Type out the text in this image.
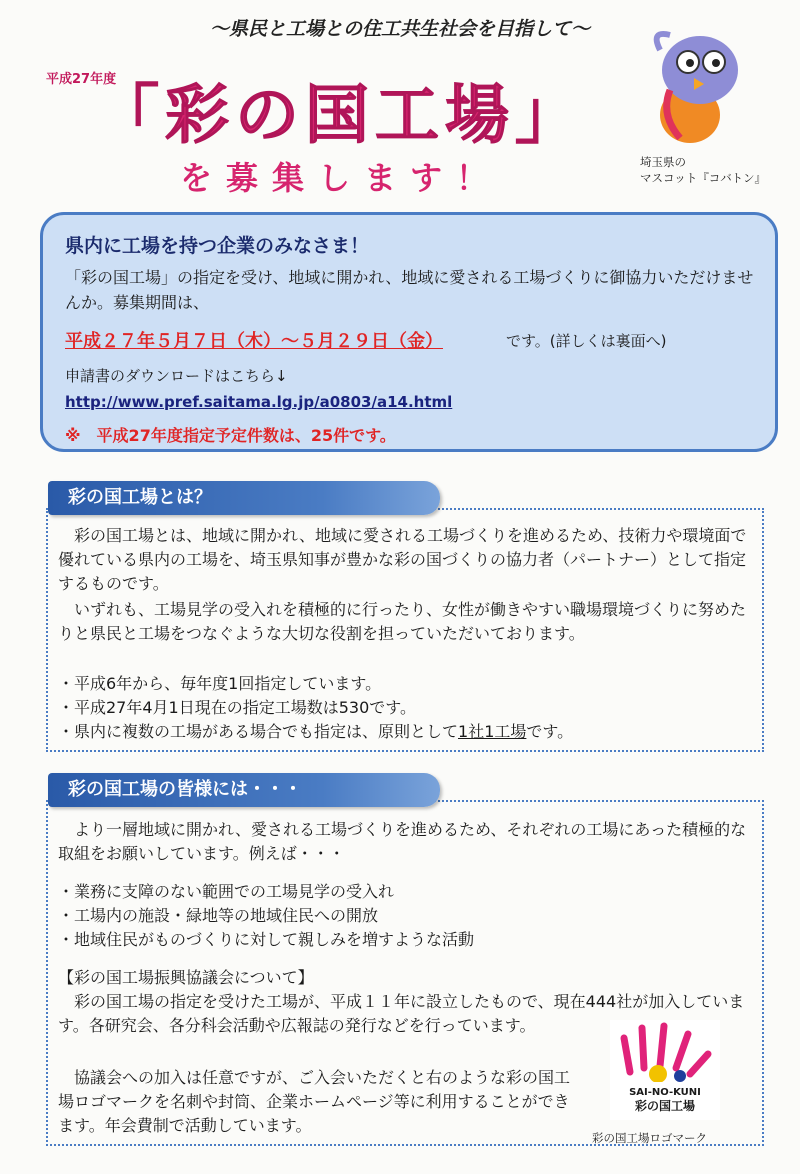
～県民と工場との住工共生社会を目指して～
平成27年度
「彩の国工場」
を募集します！	埼玉県の
マスコット『コバトン』
県内に工場を持つ企業のみなさま！
「彩の国工場」の指定を受け、地域に開かれ、地域に愛される工場づくりに御協力いただけませんか。募集期間は、
平成２７年５月７日（木）～５月２９日（金）	です。(詳しくは裏面へ)
申請書のダウンロードはこちら↓
http://www.pref.saitama.lg.jp/a0803/a14.html
※　平成27年度指定予定件数は、25件です。
彩の国工場とは？
彩の国工場とは、地域に開かれ、地域に愛される工場づくりを進めるため、技術力や環境面で優れている県内の工場を、埼玉県知事が豊かな彩の国づくりの協力者（パートナー）として指定するものです。
いずれも、工場見学の受入れを積極的に行ったり、女性が働きやすい職場環境づくりに努めたりと県民と工場をつなぐような大切な役割を担っていただいております。
・平成6年から、毎年度1回指定しています。
・平成27年4月1日現在の指定工場数は530です。
・県内に複数の工場がある場合でも指定は、原則として1社1工場です。
彩の国工場の皆様には・・・
より一層地域に開かれ、愛される工場づくりを進めるため、それぞれの工場にあった積極的な取組をお願いしています。例えば・・・
・業務に支障のない範囲での工場見学の受入れ
・工場内の施設・緑地等の地域住民への開放
・地域住民がものづくりに対して親しみを増すような活動
【彩の国工場振興協議会について】
彩の国工場の指定を受けた工場が、平成１１年に設立したもので、現在444社が加入しています。各研究会、各分科会活動や広報誌の発行などを行っています。
協議会への加入は任意ですが、ご入会いただくと右のような彩の国工場ロゴマークを名刺や封筒、企業ホームページ等に利用することができます。年会費制で活動しています。
SAI-NO-KUNI
彩の国工場
彩の国工場ロゴマーク
